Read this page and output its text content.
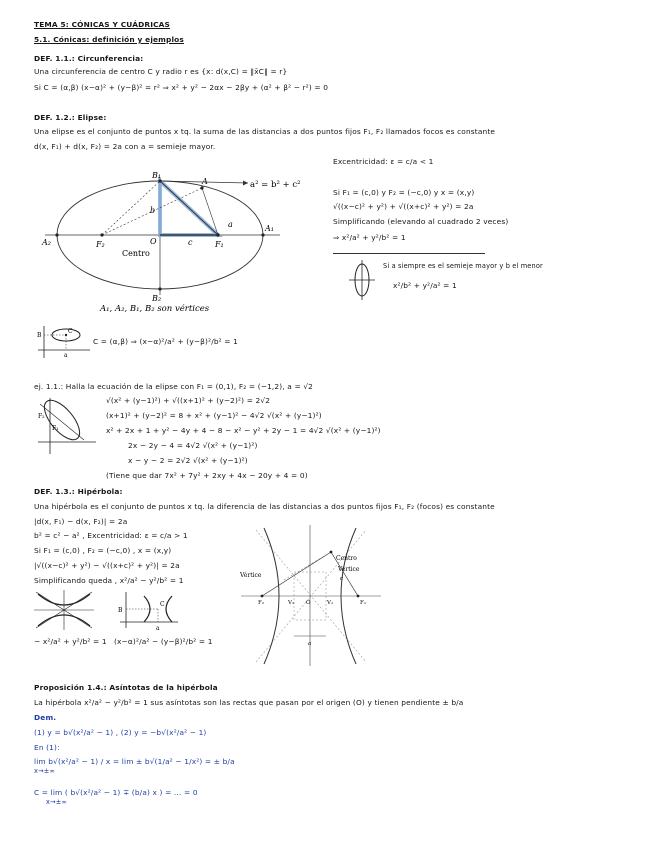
TEMA 5: CÓNICAS Y CUÁDRICAS
5.1. Cónicas: definición y ejemplos
DEF. 1.1.: Circunferencia:
Una circunferencia de centro C y radio r es {x: d(x,C) = ‖x̄C‖ = r}
Si C = (α,β) (x−α)² + (y−β)² = r² ⇒ x² + y² − 2αx − 2βy + (α² + β² − r²) = 0
DEF. 1.2.: Elipse:
Una elipse es el conjunto de puntos x tq. la suma de las distancias a dos puntos fijos F₁, F₂ llamados focos es constante
d(x, F₁) + d(x, F₂) = 2a con a = semieje mayor.
a² = b² + c²
B₁
B₂
A
A₁
A₂	F₁
F₂	O
a
b
c
Centro
A₁, A₂, B₁, B₂ son vértices
Excentricidad: ε = c/a < 1
Si F₁ = (c,0) y F₂ = (−c,0) y x = (x,y)
√((x−c)² + y²) + √((x+c)² + y²) = 2a
Simplificando (elevando al cuadrado 2 veces)
⇒ x²/a² + y²/b² = 1
Si a siempre es el semieje mayor y b el menor
x²/b² + y²/a² = 1
B
C
a
C = (α,β) ⇒ (x−α)²/a² + (y−β)²/b² = 1
ej. 1.1.: Halla la ecuación de la elipse con F₁ = (0,1), F₂ = (−1,2), a = √2
F₂
F₁
√(x² + (y−1)²) + √((x+1)² + (y−2)²) = 2√2
(x+1)² + (y−2)² = 8 + x² + (y−1)² − 4√2 √(x² + (y−1)²)
x² + 2x + 1 + y² − 4y + 4 − 8 − x² − y² + 2y − 1 = 4√2 √(x² + (y−1)²)
2x − 2y − 4 = 4√2 √(x² + (y−1)²)
x − y − 2 = 2√2 √(x² + (y−1)²)
(Tiene que dar 7x² + 7y² + 2xy + 4x − 20y + 4 = 0)
DEF. 1.3.: Hipérbola:
Una hipérbola es el conjunto de puntos x tq. la diferencia de las distancias a dos puntos fijos F₁, F₂ (focos) es constante
|d(x, F₁) − d(x, F₂)| = 2a
b² = c² − a² , Excentricidad: ε = c/a > 1
Si F₁ = (c,0) , F₂ = (−c,0) , x = (x,y)
|√((x−c)² + y²) − √((x+c)² + y²)| = 2a
Simplificando queda , x²/a² − y²/b² = 1
B
a
C
− x²/a² + y²/b² = 1 (x−α)²/a² − (y−β)²/b² = 1
Centro
Vértice
Vértice
F₂	F₁
V₂	V₁
O
a
c
Proposición 1.4.: Asíntotas de la hipérbola
La hipérbola x²/a² − y²/b² = 1 sus asíntotas son las rectas que pasan por el origen (O) y tienen pendiente ± b/a
Dem.
(1) y = b√(x²/a² − 1) , (2) y = −b√(x²/a² − 1)
En (1):
lim b√(x²/a² − 1) / x = lim ± b√(1/a² − 1/x²) = ± b/a
x→±∞
C = lim ( b√(x²/a² − 1) ∓ (b/a) x ) = … = 0
x→±∞
